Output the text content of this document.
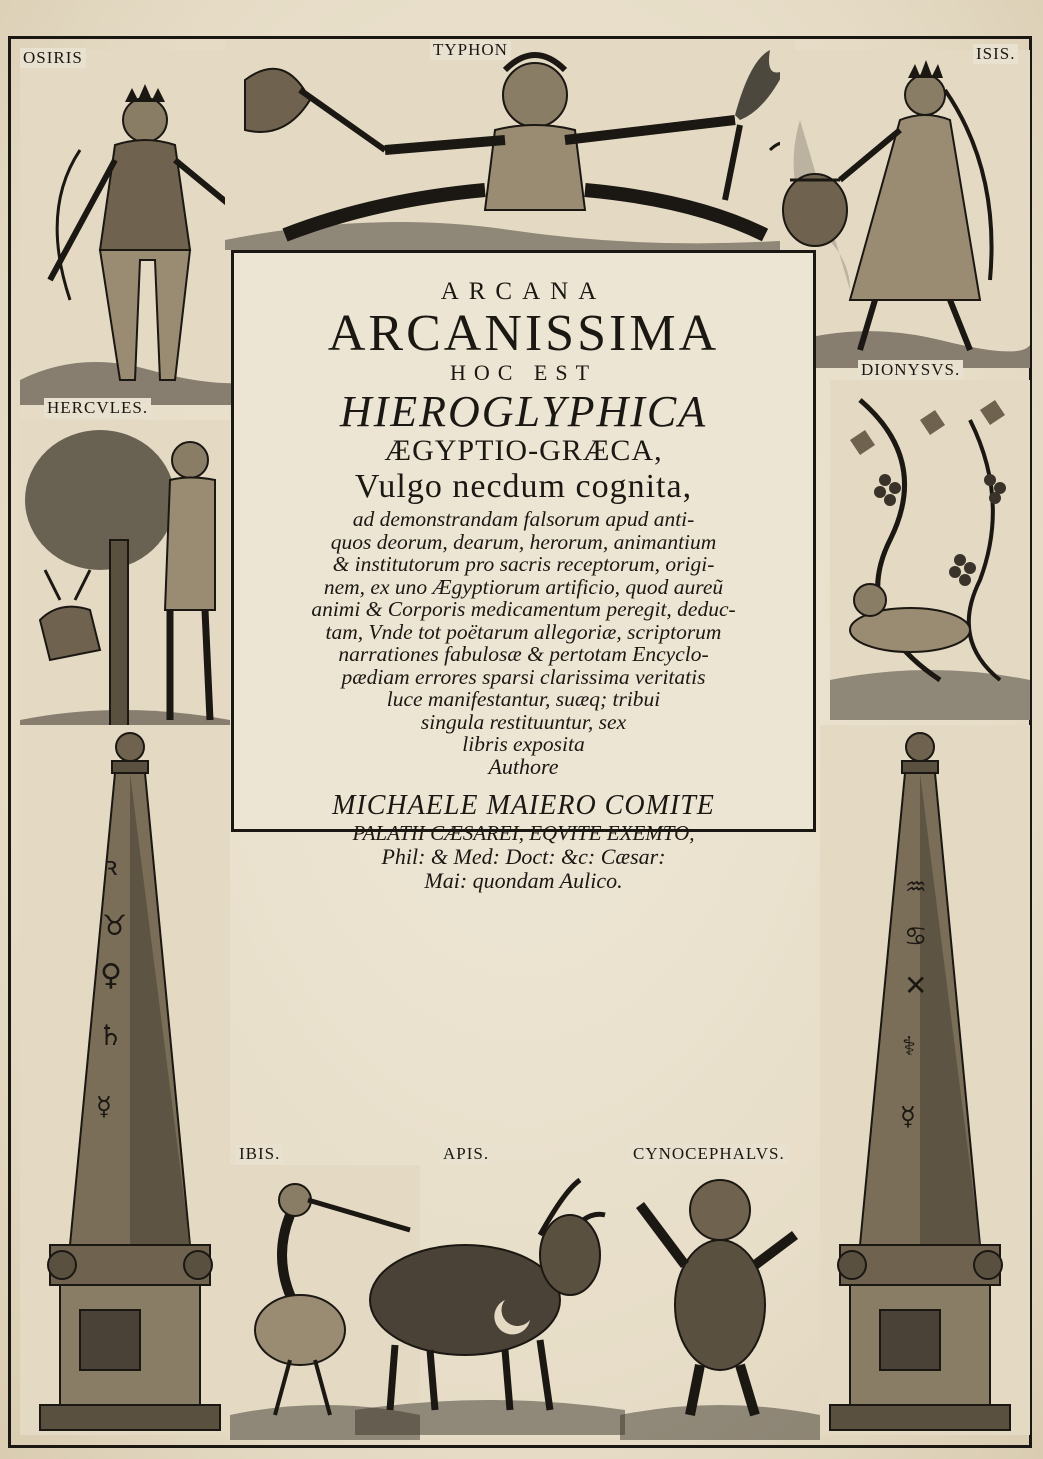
ꝛ
♉
♀
♄
☿
♒
♋
✕
⚕
☿
OSIRIS	TYPHON	ISIS.
HERCVLES.
DIONYSVS.
IBIS.	APIS.	CYNOCEPHALVS.
ARCANA
ARCANISSIMA
HOC EST
HIEROGLYPHICA
ÆGYPTIO-GRÆCA,
Vulgo necdum cognita,
ad demonstrandam falsorum apud anti-
quos deorum, dearum, herorum, animantium
& institutorum pro sacris receptorum, origi-
nem, ex uno Ægyptiorum artificio, quod aureũ
animi & Corporis medicamentum peregit, deduc-
tam, Vnde tot poëtarum allegoriæ, scriptorum
narrationes fabulosæ & pertotam Encyclo-
pædiam errores sparsi clarissima veritatis
luce manifestantur, suæq; tribui
singula restituuntur, sex
libris exposita
Authore
MICHAELE MAIERO COMITE
PALATII CÆSAREI, EQVITE EXEMTO,
Phil: & Med: Doct: &c: Cæsar:
Mai: quondam Aulico.
